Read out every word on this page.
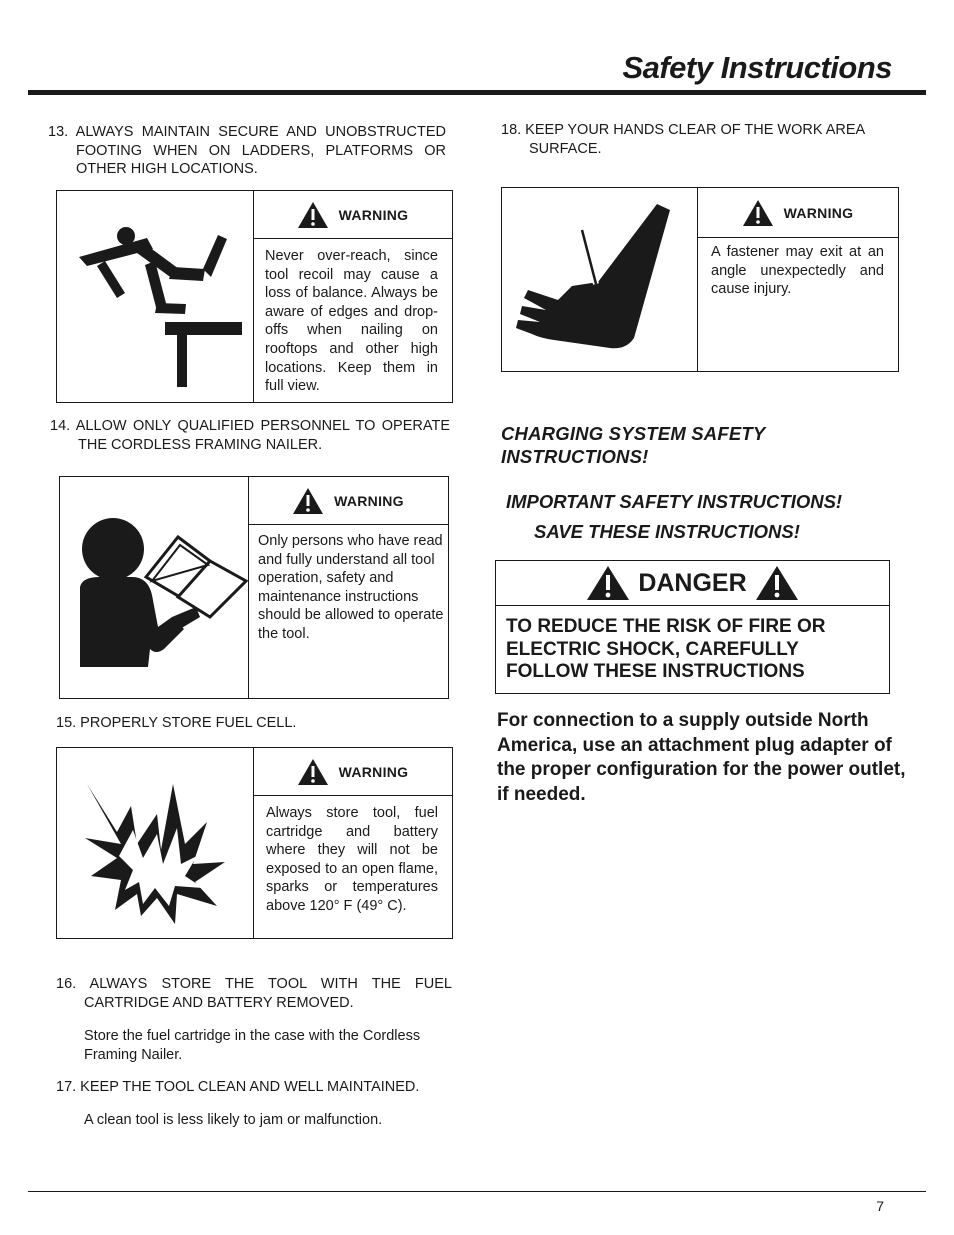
Safety Instructions
13. ALWAYS MAINTAIN SECURE AND UNOBSTRUCTED FOOTING WHEN ON LADDERS, PLATFORMS OR OTHER HIGH LOCATIONS.
WARNING
Never over-reach, since tool recoil may cause a loss of balance. Always be aware of edges and drop-offs when nailing on rooftops and other high locations. Keep them in full view.
14. ALLOW ONLY QUALIFIED PERSONNEL TO OPERATE THE CORDLESS FRAMING NAILER.
WARNING
Only persons who have read and fully understand all tool operation, safety and maintenance instructions should be allowed to operate the tool.
15. PROPERLY STORE FUEL CELL.
WARNING
Always store tool, fuel cartridge and battery where they will not be exposed to an open flame, sparks or temperatures above 120° F (49° C).
16. ALWAYS STORE THE TOOL WITH THE FUEL CARTRIDGE AND BATTERY REMOVED.
Store the fuel cartridge in the case with the Cordless Framing Nailer.
17. KEEP THE TOOL CLEAN AND WELL MAINTAINED.
A clean tool is less likely to jam or malfunction.
18. KEEP YOUR HANDS CLEAR OF THE WORK AREA SURFACE.
WARNING
A fastener may exit at an angle unexpectedly and cause injury.
CHARGING SYSTEM SAFETY INSTRUCTIONS!
IMPORTANT SAFETY INSTRUCTIONS!
SAVE THESE INSTRUCTIONS!
DANGER
TO REDUCE THE RISK OF FIRE OR ELECTRIC SHOCK, CAREFULLY FOLLOW THESE INSTRUCTIONS
For connection to a supply outside North America, use an attachment plug adapter of the proper configuration for the power outlet, if needed.
7
